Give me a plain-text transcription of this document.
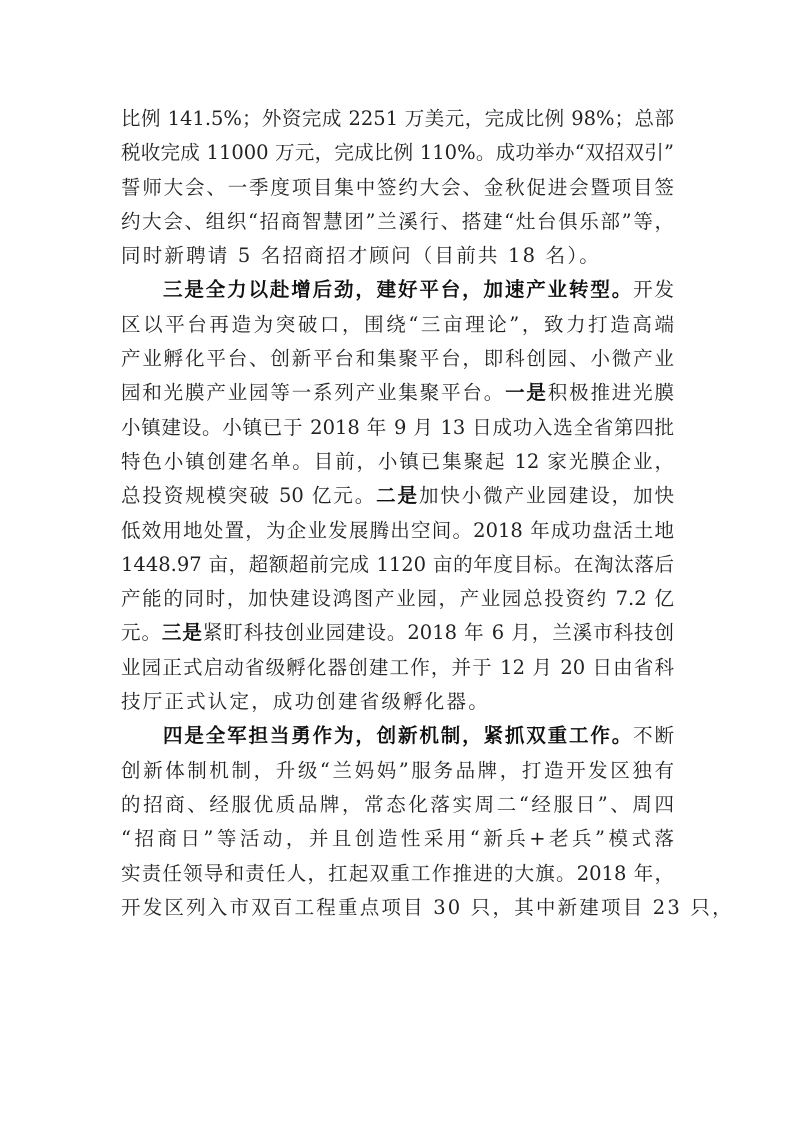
比例 141.5%；外资完成 2251 万美元，完成比例 98%；总部
税收完成 11000 万元，完成比例 110%。成功举办“双招双引”
誓师大会、一季度项目集中签约大会、金秋促进会暨项目签
约大会、组织“招商智慧团”兰溪行、搭建“灶台俱乐部”等，
同时新聘请 5 名招商招才顾问（目前共 18 名）。
三是全力以赴增后劲，建好平台，加速产业转型。开发
区以平台再造为突破口，围绕“三亩理论”，致力打造高端
产业孵化平台、创新平台和集聚平台，即科创园、小微产业
园和光膜产业园等一系列产业集聚平台。一是积极推进光膜
小镇建设。小镇已于 2018 年 9 月 13 日成功入选全省第四批
特色小镇创建名单。目前，小镇已集聚起 12 家光膜企业，
总投资规模突破 50 亿元。二是加快小微产业园建设，加快
低效用地处置，为企业发展腾出空间。2018 年成功盘活土地
1448.97 亩，超额超前完成 1120 亩的年度目标。在淘汰落后
产能的同时，加快建设鸿图产业园，产业园总投资约 7.2 亿
元。三是紧盯科技创业园建设。2018 年 6 月，兰溪市科技创
业园正式启动省级孵化器创建工作，并于 12 月 20 日由省科
技厅正式认定，成功创建省级孵化器。
四是全军担当勇作为，创新机制，紧抓双重工作。不断
创新体制机制，升级“兰妈妈”服务品牌，打造开发区独有
的招商、经服优质品牌，常态化落实周二“经服日”、周四
“招商日”等活动，并且创造性采用“新兵+老兵”模式落
实责任领导和责任人，扛起双重工作推进的大旗。2018 年，
开发区列入市双百工程重点项目 30 只，其中新建项目 23 只，
